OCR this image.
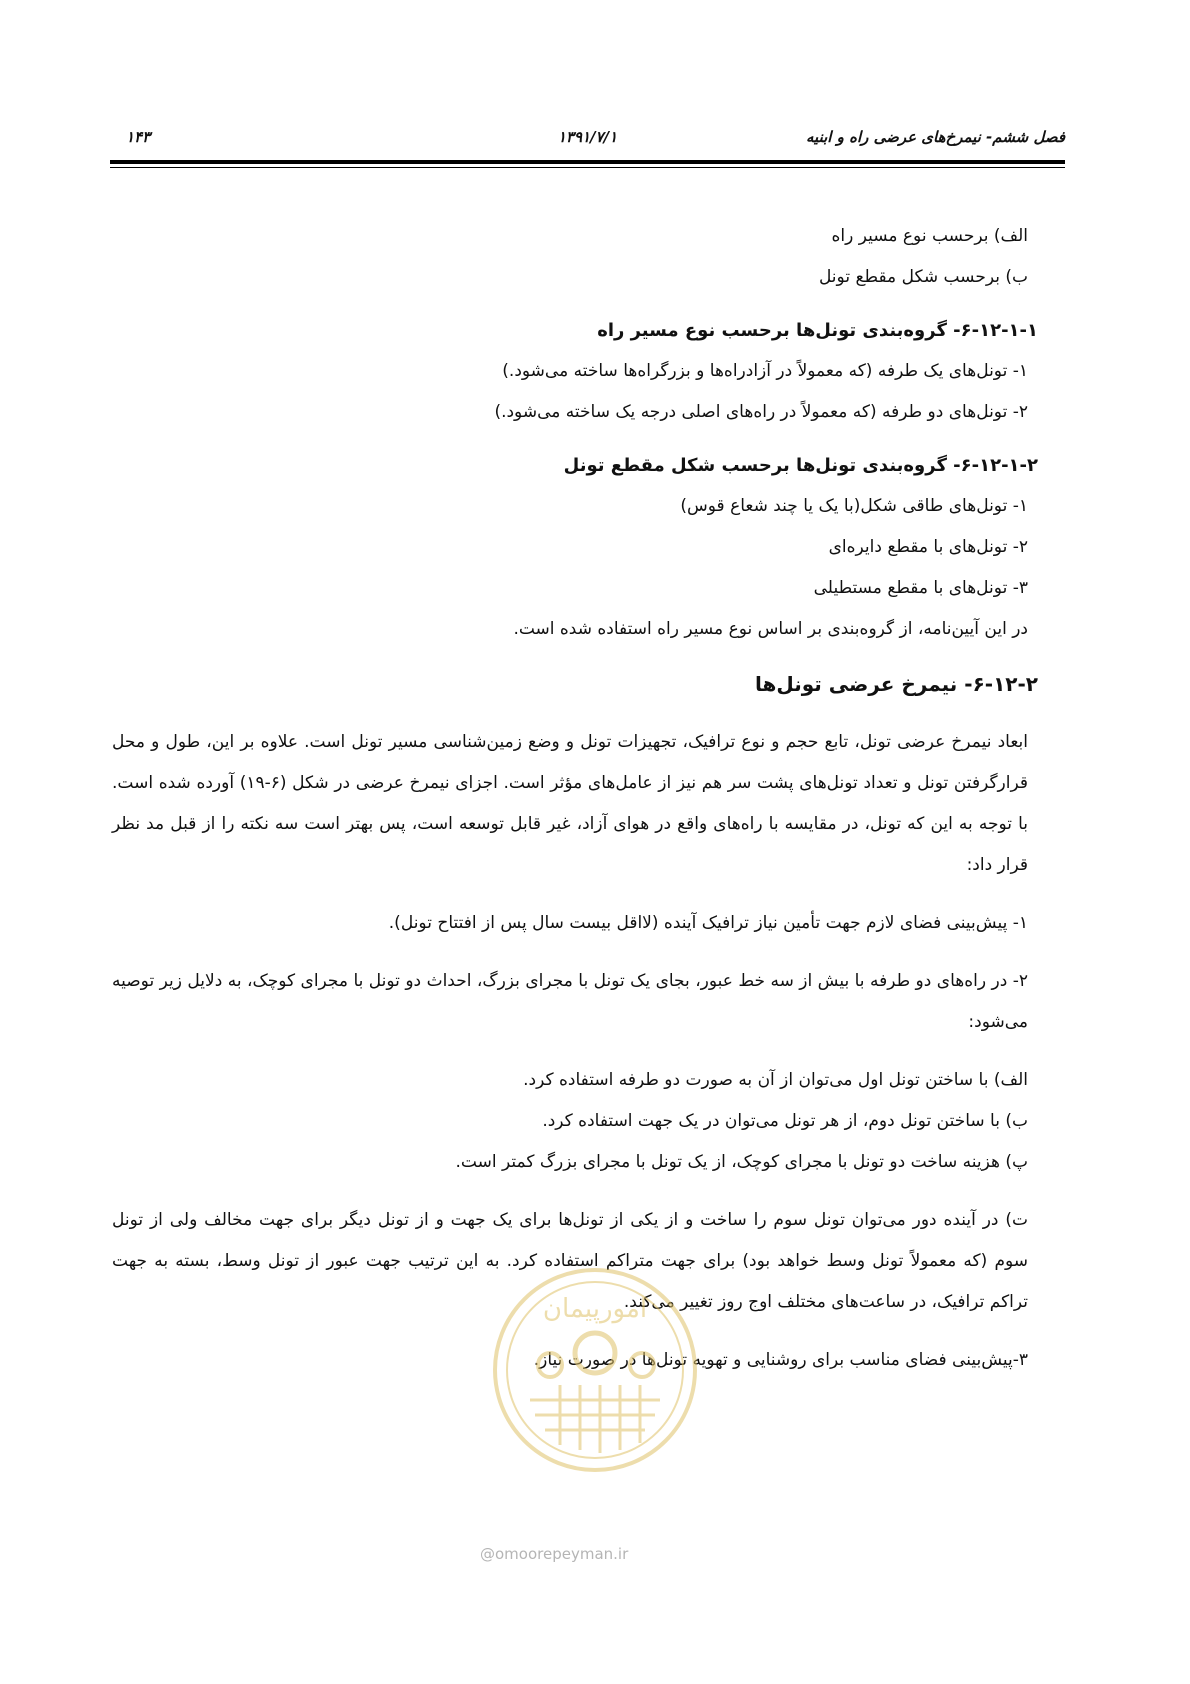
فصل ششم- نیمرخ‌های عرضی راه و ابنیه
۱۳۹۱/۷/۱
۱۴۳

الف) برحسب نوع مسیر راه

ب) برحسب شکل مقطع تونل

۶-۱۲-۱-۱- گروه‌بندی تونل‌ها برحسب نوع مسیر راه

۱- تونل‌های یک طرفه (که معمولاً در آزادراه‌ها و بزرگراه‌ها ساخته می‌شود.)

۲- تونل‌های دو طرفه (که معمولاً در راه‌های اصلی درجه یک ساخته می‌شود.)

۶-۱۲-۱-۲- گروه‌بندی تونل‌ها برحسب شکل مقطع تونل

۱- تونل‌های طاقی شکل(با یک یا چند شعاع قوس)

۲- تونل‌های با مقطع دایره‌ای

۳- تونل‌های با مقطع مستطیلی

در این آیین‌نامه، از گروه‌بندی بر اساس نوع مسیر راه استفاده شده است.

۶-۱۲-۲- نیمرخ عرضی تونل‌ها

ابعاد نیمرخ عرضی تونل، تابع حجم و نوع ترافیک، تجهیزات تونل و وضع زمین‌شناسی مسیر تونل است. علاوه بر این، طول و محل قرارگرفتن تونل و تعداد تونل‌های پشت سر هم نیز از عامل‌های مؤثر است. اجزای نیمرخ عرضی در شکل (۶-۱۹) آورده شده است. با توجه به این که تونل، در مقایسه با راه‌های واقع در هوای آزاد، غیر قابل توسعه است، پس بهتر است سه نکته را از قبل مد نظر قرار داد:

۱- پیش‌بینی فضای لازم جهت تأمین نیاز ترافیک آینده (لااقل بیست سال پس از افتتاح تونل).

۲- در راه‌های دو طرفه با بیش از سه خط عبور، بجای یک تونل با مجرای بزرگ، احداث دو تونل با مجرای کوچک، به دلایل زیر توصیه می‌شود:

الف) با ساختن تونل اول می‌توان از آن به صورت دو طرفه استفاده کرد.

ب) با ساختن تونل دوم، از هر تونل می‌توان در یک جهت استفاده کرد.

پ) هزینه ساخت دو تونل با مجرای کوچک، از یک تونل با مجرای بزرگ کمتر است.

ت) در آینده دور می‌توان تونل سوم را ساخت و از یکی از تونل‌ها برای یک جهت و از تونل دیگر برای جهت مخالف ولی از تونل سوم (که معمولاً تونل وسط خواهد بود) برای جهت متراکم استفاده کرد. به این ترتیب جهت عبور از تونل وسط، بسته به جهت تراکم ترافیک، در ساعت‌های مختلف اوج روز تغییر می‌کند.

۳-پیش‌بینی فضای مناسب برای روشنایی و تهویه تونل‌ها در صورت نیاز.

امورپیمان
@omoorepeyman.ir
